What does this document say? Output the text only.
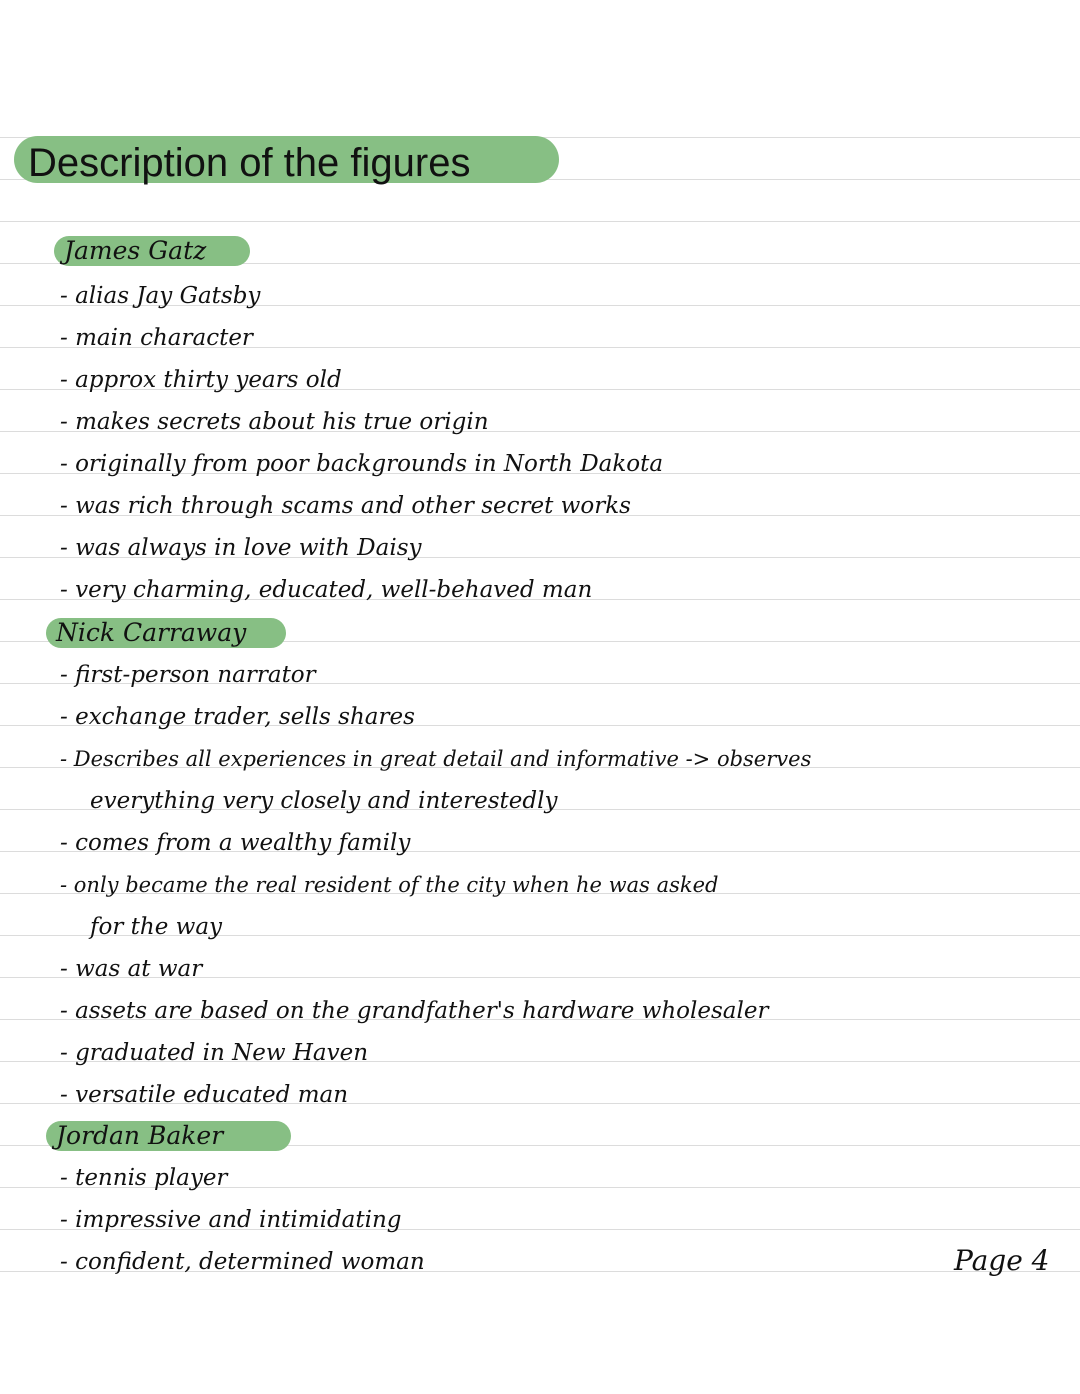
Description of the figures
James Gatz
- alias Jay Gatsby
- main character
- approx thirty years old
- makes secrets about his true origin
- originally from poor backgrounds in North Dakota
- was rich through scams and other secret works
- was always in love with Daisy
- very charming, educated, well-behaved man
Nick Carraway
- first-person narrator
- exchange trader, sells shares
- Describes all experiences in great detail and informative -> observes
everything very closely and interestedly
- comes from a wealthy family
- only became the real resident of the city when he was asked
for the way
- was at war
- assets are based on the grandfather's hardware wholesaler
- graduated in New Haven
- versatile educated man
Jordan Baker
- tennis player
- impressive and intimidating
- confident, determined woman	Page 4
